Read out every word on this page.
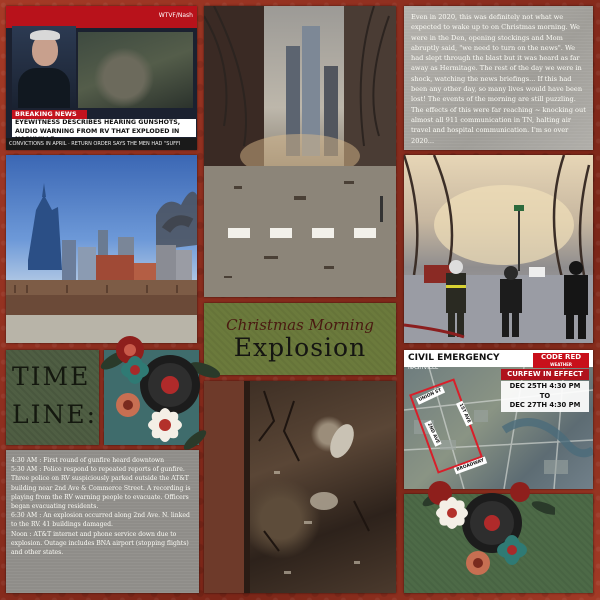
WTVF/Nash
BREAKING NEWS
EYEWITNESS DESCRIBES HEARING GUNSHOTS,
AUDIO WARNING FROM RV THAT EXPLODED IN
CONVICTIONS IN APRIL · RETURN ORDER SAYS THE MEN HAD "SUFFI

Even in 2020, this was definitely not what we expected to wake up to on Christmas morning. We were in the Den, opening stockings and Mom abruptly said, "we need to turn on the news". We had slept through the blast but it was heard as far away as Hermitage. The rest of the day we were in shock, watching the news briefings... If this had been any other day, so many lives would have been lost! The events of the morning are still puzzling. The effects of this were far reaching ~ knocking out almost all 911 communication in TN, halting air travel and hospital communication. I'm so over 2020...

Christmas Morning
Explosion
TIME
LINE:

4:30 AM : First round of gunfire heard downtown

5:30 AM : Police respond to repeated reports of gunfire. Three police on RV suspiciously parked outside the AT&T building near 2nd Ave & Commerce Street. A recording is playing from the RV warning people to evacuate. Officers began evacuating residents.

6:30 AM : An explosion occurred along 2nd Ave. N. linked to the RV. 41 buildings damaged.

Noon : AT&T internet and phone service down due to explosion. Outage includes BNA airport (stopping flights) and other states.

CIVIL EMERGENCY
NASHVILLE
CODE RED
WEATHER
CURFEW IN EFFECT
DEC 25TH 4:30 PM
TO
DEC 27TH 4:30 PM
UNION ST
2ND AVE
BROADWAY
1ST AVE
